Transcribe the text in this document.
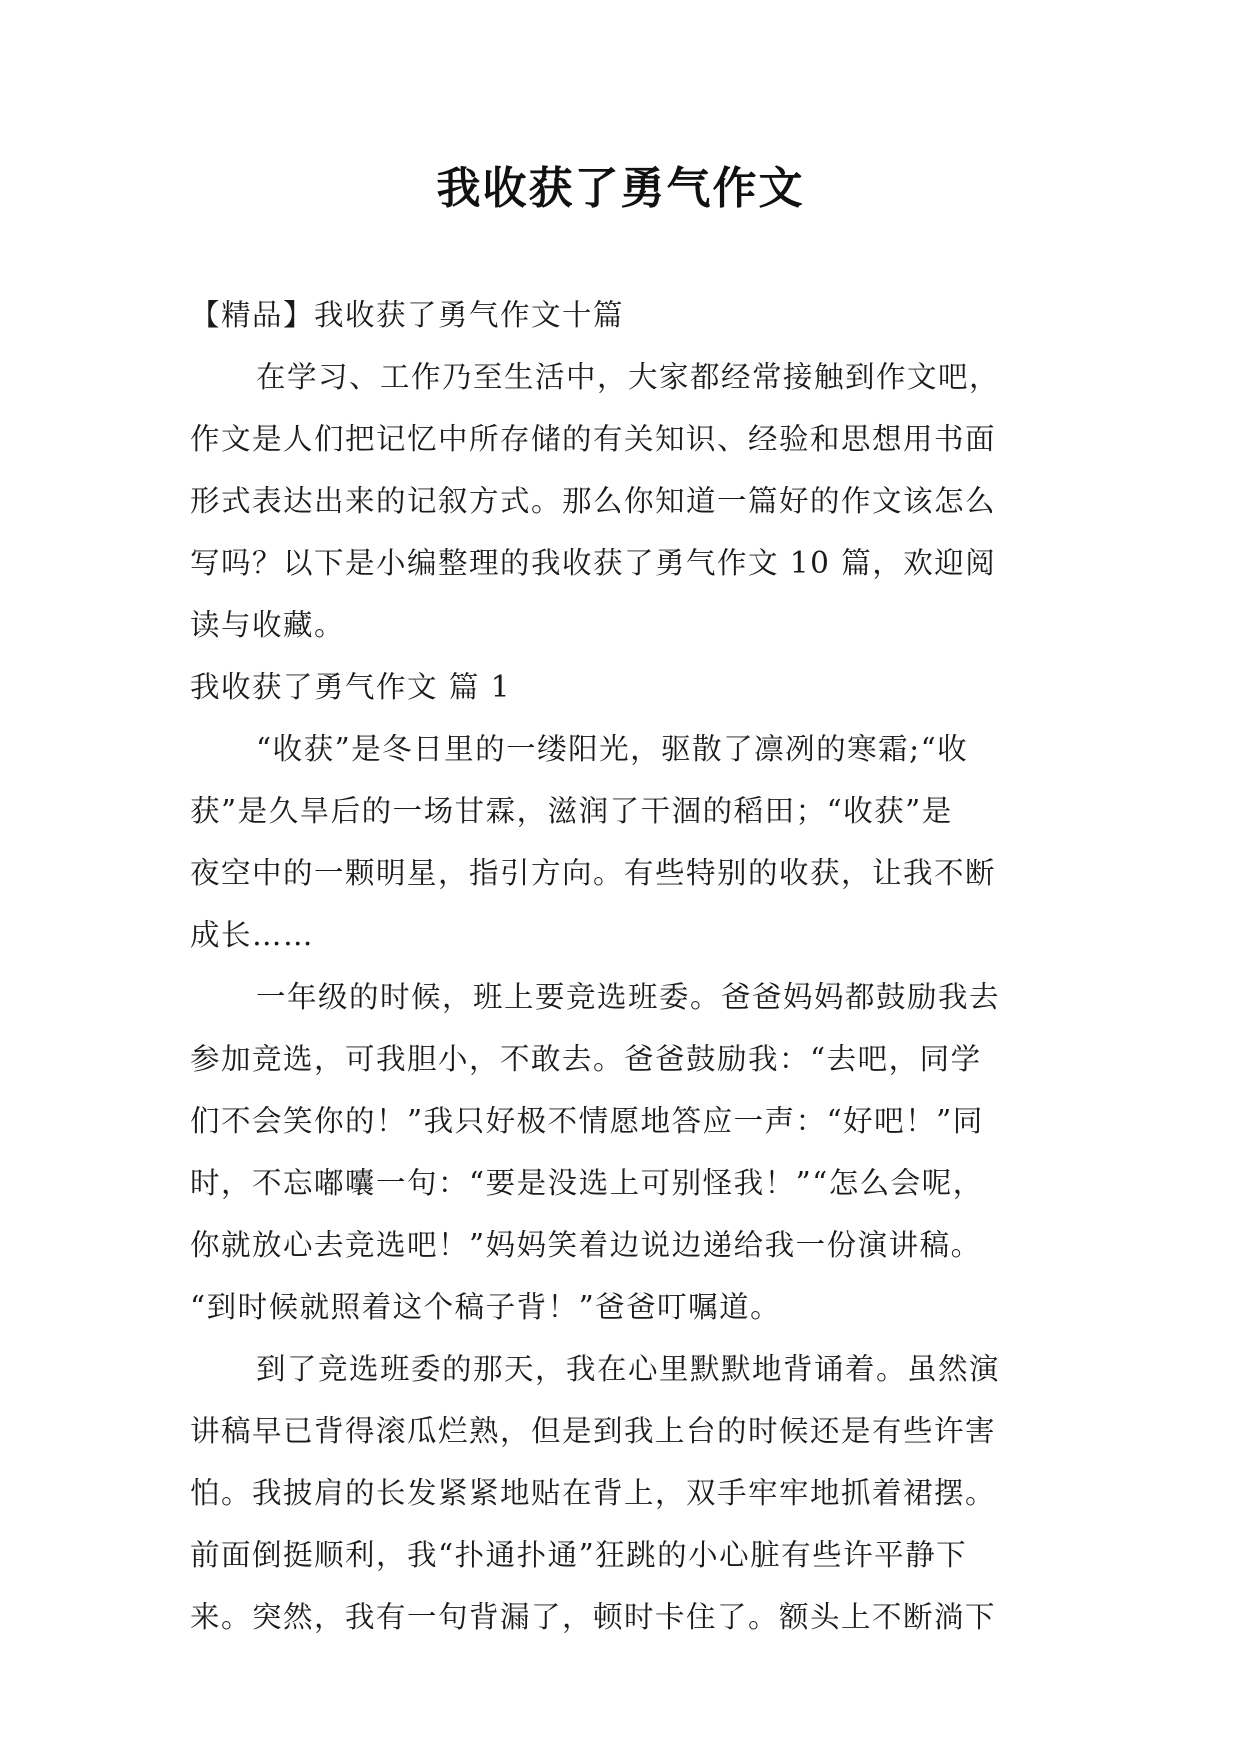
我收获了勇气作文
【精品】我收获了勇气作文十篇
在学习、工作乃至生活中，大家都经常接触到作文吧，
作文是人们把记忆中所存储的有关知识、经验和思想用书面
形式表达出来的记叙方式。那么你知道一篇好的作文该怎么
写吗？以下是小编整理的我收获了勇气作文 10 篇，欢迎阅
读与收藏。
我收获了勇气作文 篇 1
“收获”是冬日里的一缕阳光，驱散了凛冽的寒霜;“收
获”是久旱后的一场甘霖，滋润了干涸的稻田；“收获”是
夜空中的一颗明星，指引方向。有些特别的收获，让我不断
成长……
一年级的时候，班上要竞选班委。爸爸妈妈都鼓励我去
参加竞选，可我胆小，不敢去。爸爸鼓励我：“去吧，同学
们不会笑你的！”我只好极不情愿地答应一声：“好吧！”同
时，不忘嘟囔一句：“要是没选上可别怪我！”“怎么会呢，
你就放心去竞选吧！”妈妈笑着边说边递给我一份演讲稿。
“到时候就照着这个稿子背！”爸爸叮嘱道。
到了竞选班委的那天，我在心里默默地背诵着。虽然演
讲稿早已背得滚瓜烂熟，但是到我上台的时候还是有些许害
怕。我披肩的长发紧紧地贴在背上，双手牢牢地抓着裙摆。
前面倒挺顺利，我“扑通扑通”狂跳的小心脏有些许平静下
来。突然，我有一句背漏了，顿时卡住了。额头上不断淌下
